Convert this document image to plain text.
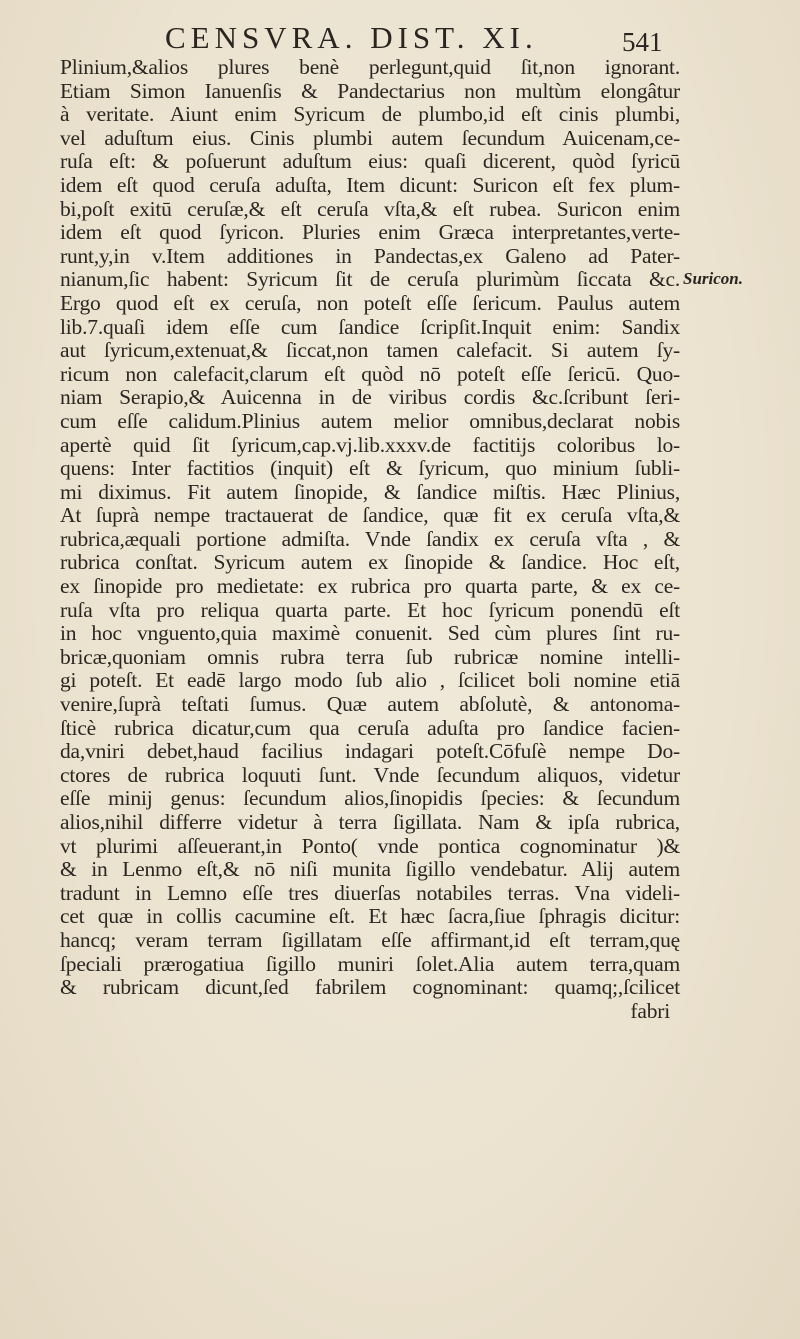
CENSVRA. DIST. XI.	541
Suricon.
Plinium,&alios plures benè perlegunt,quid ſit,non ignorant.
Etiam Simon Ianuenſis & Pandectarius non multùm elongâtur
à veritate. Aiunt enim Syricum de plumbo,id eſt cinis plumbi,
vel aduſtum eius. Cinis plumbi autem ſecundum Auicenam,ce-
ruſa eſt: & poſuerunt aduſtum eius: quaſi dicerent, quòd ſyricū
idem eſt quod ceruſa aduſta, Item dicunt: Suricon eſt fex plum-
bi,poſt exitū ceruſæ,& eſt ceruſa vſta,& eſt rubea. Suricon enim
idem eſt quod ſyricon. Pluries enim Græca interpretantes,verte-
runt,y,in v.Item additiones in Pandectas,ex Galeno ad Pater-
nianum,ſic habent: Syricum ſit de ceruſa plurimùm ſiccata &c.
Ergo quod eſt ex ceruſa, non poteſt eſſe ſericum. Paulus autem
lib.7.quaſi idem eſſe cum ſandice ſcripſit.Inquit enim: Sandix
aut ſyricum,extenuat,& ſiccat,non tamen calefacit. Si autem ſy-
ricum non calefacit,clarum eſt quòd nō poteſt eſſe ſericū. Quo-
niam Serapio,& Auicenna in de viribus cordis &c.ſcribunt ſeri-
cum eſſe calidum.Plinius autem melior omnibus,declarat nobis
apertè quid ſit ſyricum,cap.vj.lib.xxxv.de factitijs coloribus lo-
quens: Inter factitios (inquit) eſt & ſyricum, quo minium ſubli-
mi diximus. Fit autem ſinopide, & ſandice miſtis. Hæc Plinius,
At ſuprà nempe tractauerat de ſandice, quæ fit ex ceruſa vſta,&
rubrica,æquali portione admiſta. Vnde ſandix ex ceruſa vſta , &
rubrica conſtat. Syricum autem ex ſinopide & ſandice. Hoc eſt,
ex ſinopide pro medietate: ex rubrica pro quarta parte, & ex ce-
ruſa vſta pro reliqua quarta parte. Et hoc ſyricum ponendū eſt
in hoc vnguento,quia maximè conuenit. Sed cùm plures ſint ru-
bricæ,quoniam omnis rubra terra ſub rubricæ nomine intelli-
gi poteſt. Et eadē largo modo ſub alio , ſcilicet boli nomine etiā
venire,ſuprà teſtati ſumus. Quæ autem abſolutè, & antonoma-
ſticè rubrica dicatur,cum qua ceruſa aduſta pro ſandice facien-
da,vniri debet,haud facilius indagari poteſt.Cōfuſè nempe Do-
ctores de rubrica loquuti ſunt. Vnde ſecundum aliquos, videtur
eſſe minij genus: ſecundum alios,ſinopidis ſpecies: & ſecundum
alios,nihil differre videtur à terra ſigillata. Nam & ipſa rubrica,
vt plurimi aſſeuerant,in Ponto( vnde pontica cognominatur )&
& in Lenmo eſt,& nō niſi munita ſigillo vendebatur. Alij autem
tradunt in Lemno eſſe tres diuerſas notabiles terras. Vna videli-
cet quæ in collis cacumine eſt. Et hæc ſacra,ſiue ſphragis dicitur:
hancq; veram terram ſigillatam eſſe affirmant,id eſt terram,quę
ſpeciali prærogatiua ſigillo muniri ſolet.Alia autem terra,quam
& rubricam dicunt,ſed fabrilem cognominant: quamq;,ſcilicet
fabri
